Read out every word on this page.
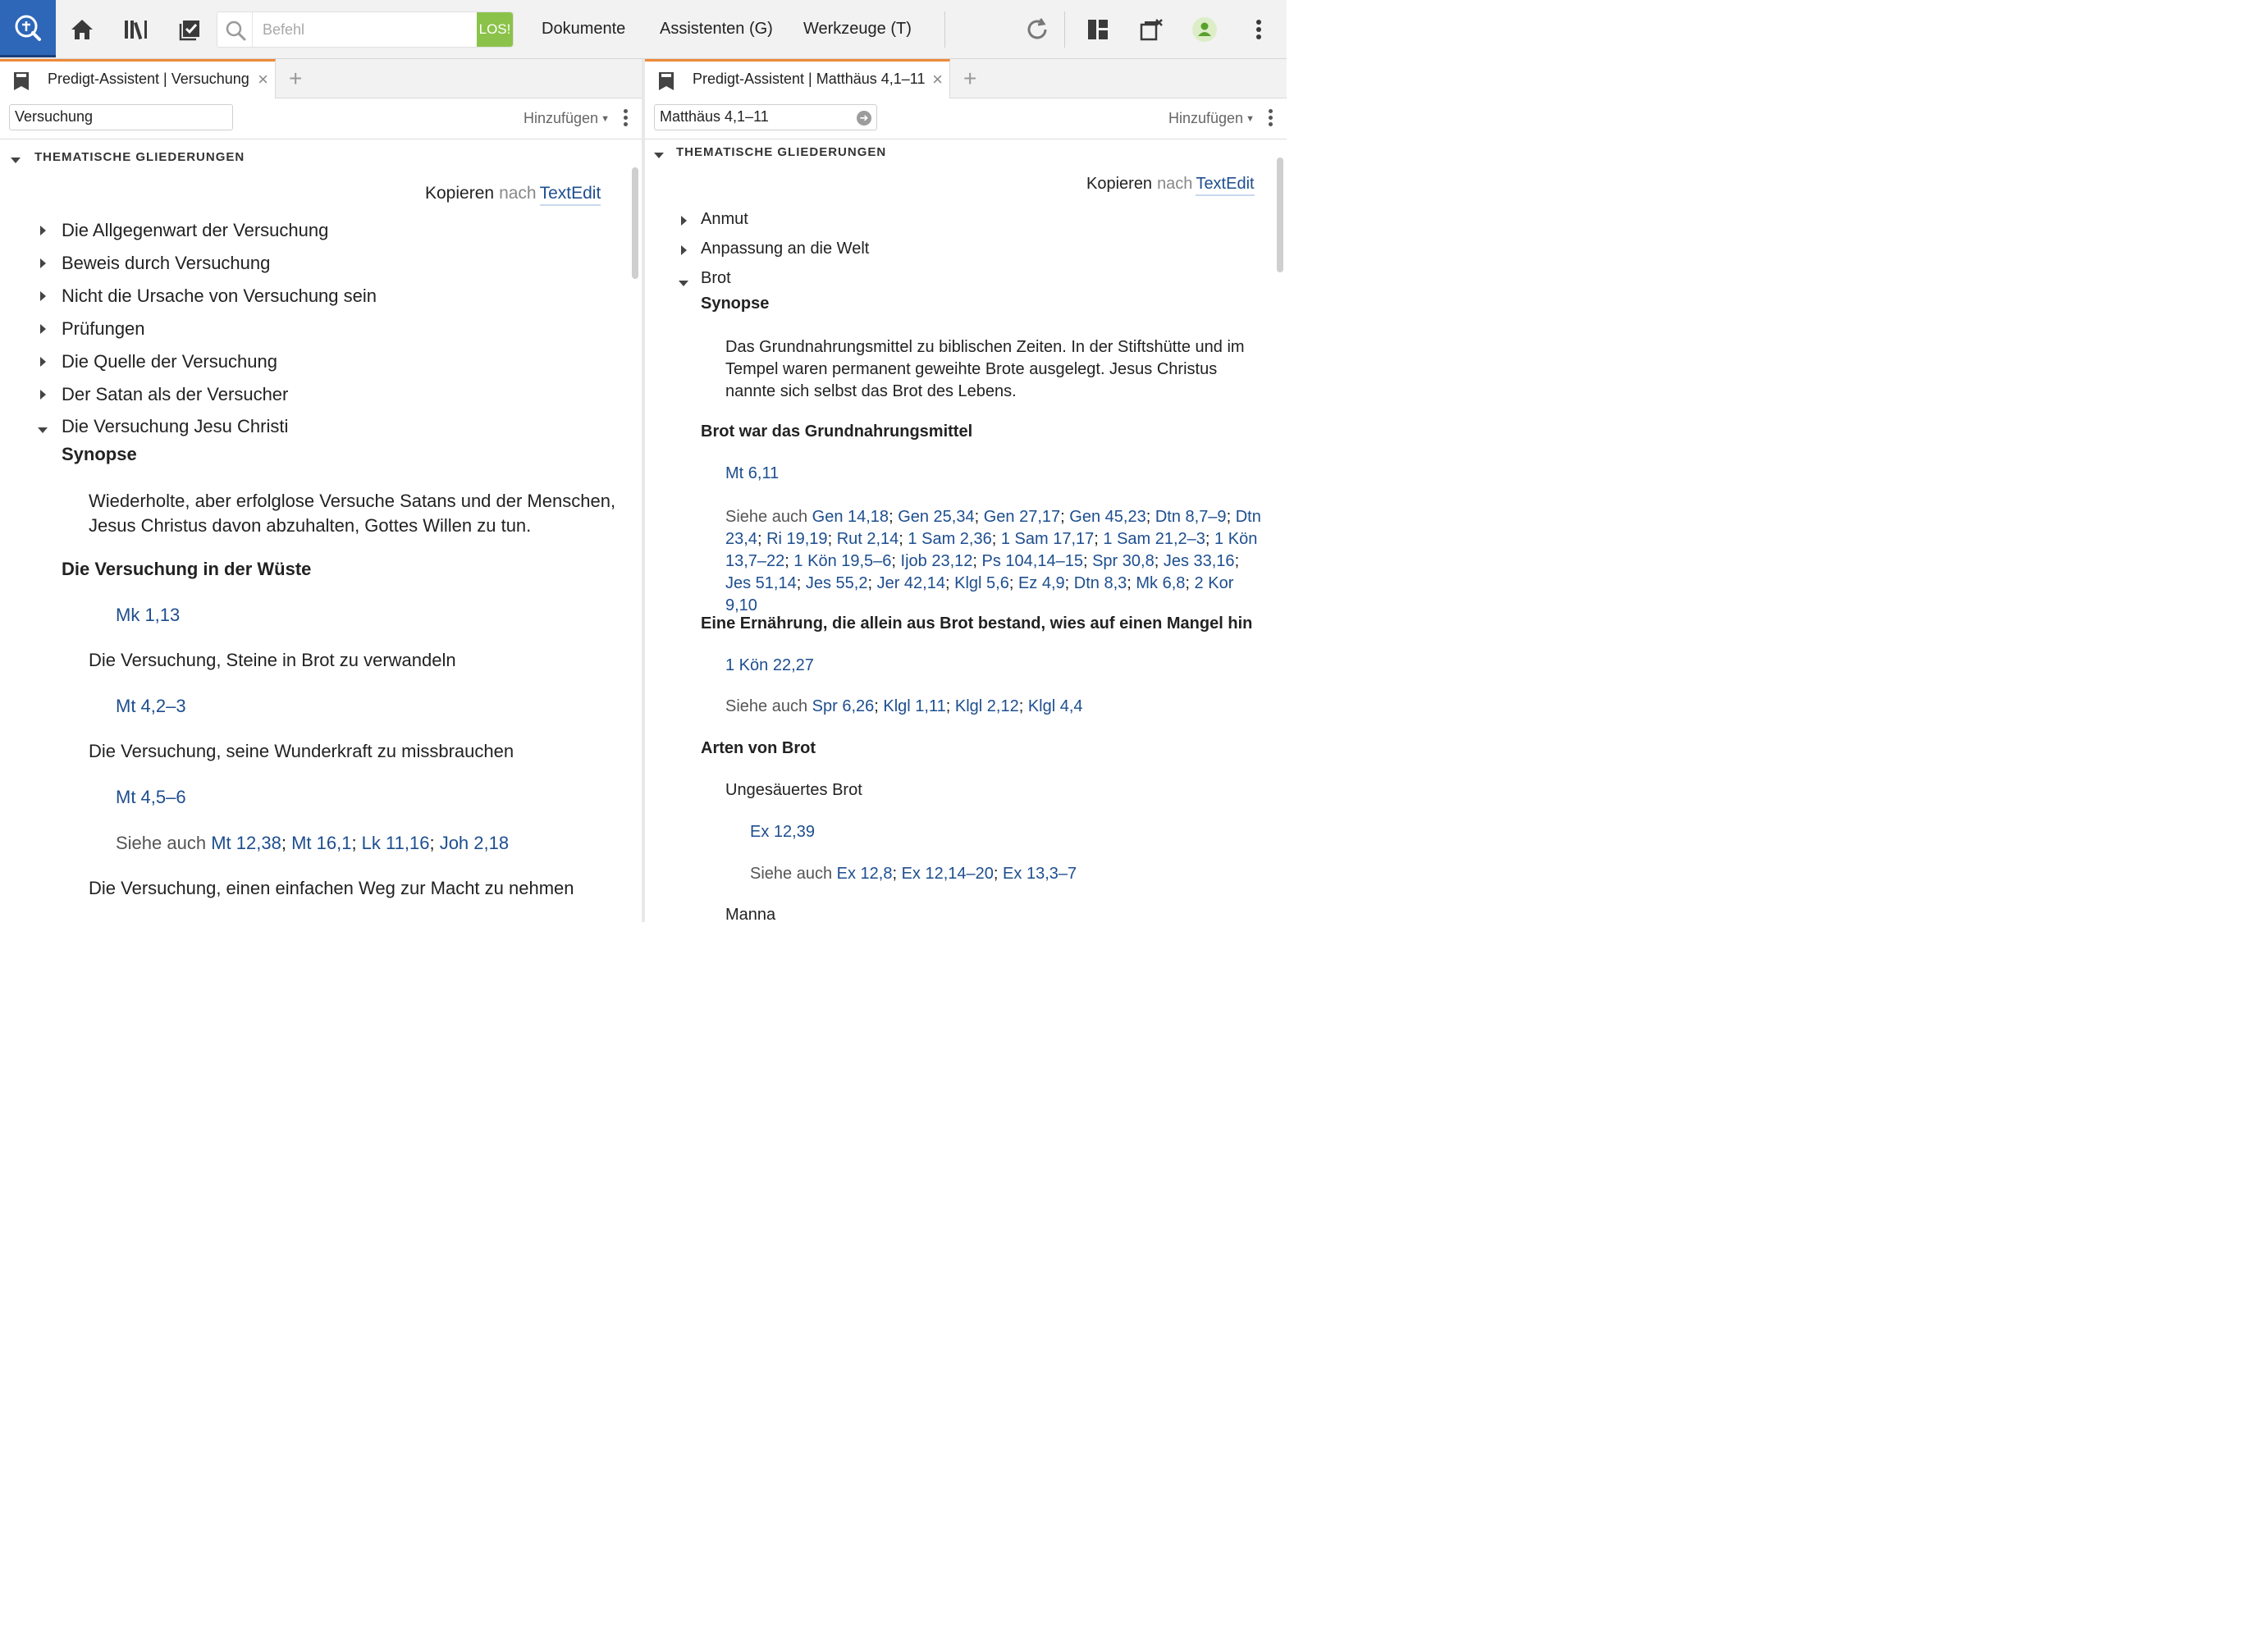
Befehl
LOS! Dokumente Assistenten (G) Werkzeuge (T)
Predigt-Assistent | Versuchung × +
Versuchung
Hinzufügen ▼
THEMATISCHE GLIEDERUNGEN
Kopieren nach TextEdit
Die Allgegenwart der Versuchung
Beweis durch Versuchung
Nicht die Ursache von Versuchung sein
Prüfungen
Die Quelle der Versuchung
Der Satan als der Versucher
Die Versuchung Jesu Christi
Synopse
Wiederholte, aber erfolglose Versuche Satans und der Menschen, Jesus Christus davon abzuhalten, Gottes Willen zu tun.
Die Versuchung in der Wüste
Mk 1,13
Die Versuchung, Steine in Brot zu verwandeln
Mt 4,2–3
Die Versuchung, seine Wunderkraft zu missbrauchen
Mt 4,5–6
Siehe auch Mt 12,38; Mt 16,1; Lk 11,16; Joh 2,18
Die Versuchung, einen einfachen Weg zur Macht zu nehmen
Predigt-Assistent | Matthäus 4,1–11 × +
Matthäus 4,1–11
➜	Hinzufügen ▼
THEMATISCHE GLIEDERUNGEN
Kopieren nach TextEdit
Anmut
Anpassung an die Welt
Brot
Synopse
Das Grundnahrungsmittel zu biblischen Zeiten. In der Stiftshütte und im Tempel waren permanent geweihte Brote ausgelegt. Jesus Christus nannte sich selbst das Brot des Lebens.
Brot war das Grundnahrungsmittel
Mt 6,11
Siehe auch Gen 14,18; Gen 25,34; Gen 27,17; Gen 45,23; Dtn 8,7–9; Dtn 23,4; Ri 19,19; Rut 2,14; 1 Sam 2,36; 1 Sam 17,17; 1 Sam 21,2–3; 1 Kön 13,7–22; 1 Kön 19,5–6; Ijob 23,12; Ps 104,14–15; Spr 30,8; Jes 33,16; Jes 51,14; Jes 55,2; Jer 42,14; Klgl 5,6; Ez 4,9; Dtn 8,3; Mk 6,8; 2 Kor 9,10
Eine Ernährung, die allein aus Brot bestand, wies auf einen Mangel hin
1 Kön 22,27
Siehe auch Spr 6,26; Klgl 1,11; Klgl 2,12; Klgl 4,4
Arten von Brot
Ungesäuertes Brot
Ex 12,39
Siehe auch Ex 12,8; Ex 12,14–20; Ex 13,3–7
Manna
